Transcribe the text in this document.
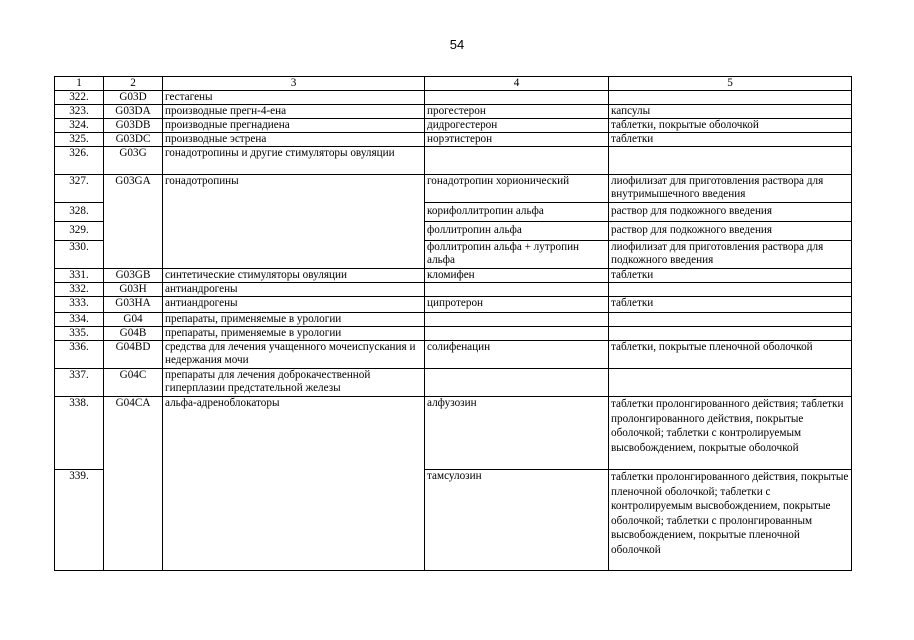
54
1	2	3	4	5
322.	G03D	гестагены		
323.	G03DA	производные прегн-4-ена	прогестерон	капсулы
324.	G03DB	производные прегнадиена	дидрогестерон	таблетки, покрытые оболочкой
325.	G03DC	производные эстрена	норэтистерон	таблетки
326.	G03G	гонадотропины и другие стимуляторы овуляции		
327.	G03GA	гонадотропины	гонадотропин хорионический	лиофилизат для приготовления раствора для внутримышечного введения
328.			корифоллитропин альфа	раствор для подкожного введения
329.			фоллитропин альфа	раствор для подкожного введения
330.			фоллитропин альфа + лутропин альфа	лиофилизат для приготовления раствора для подкожного введения
331.	G03GB	синтетические стимуляторы овуляции	кломифен	таблетки
332.	G03H	антиандрогены		
333.	G03HA	антиандрогены	ципротерон	таблетки
334.	G04	препараты, применяемые в урологии		
335.	G04B	препараты, применяемые в урологии		
336.	G04BD	средства для лечения учащенного мочеиспускания и недержания мочи	солифенацин	таблетки, покрытые пленочной оболочкой
337.	G04C	препараты для лечения доброкачественной гиперплазии предстательной железы		
338.	G04CA	альфа-адреноблокаторы	алфузозин	таблетки пролонгированного действия; таблетки пролонгированного действия, покрытые оболочкой; таблетки с контролируемым высвобождением, покрытые оболочкой
339.			тамсулозин	таблетки пролонгированного действия, покрытые пленочной оболочкой; таблетки с контролируемым высвобождением, покрытые оболочкой; таблетки с пролонгированным высвобождением, покрытые пленочной оболочкой
